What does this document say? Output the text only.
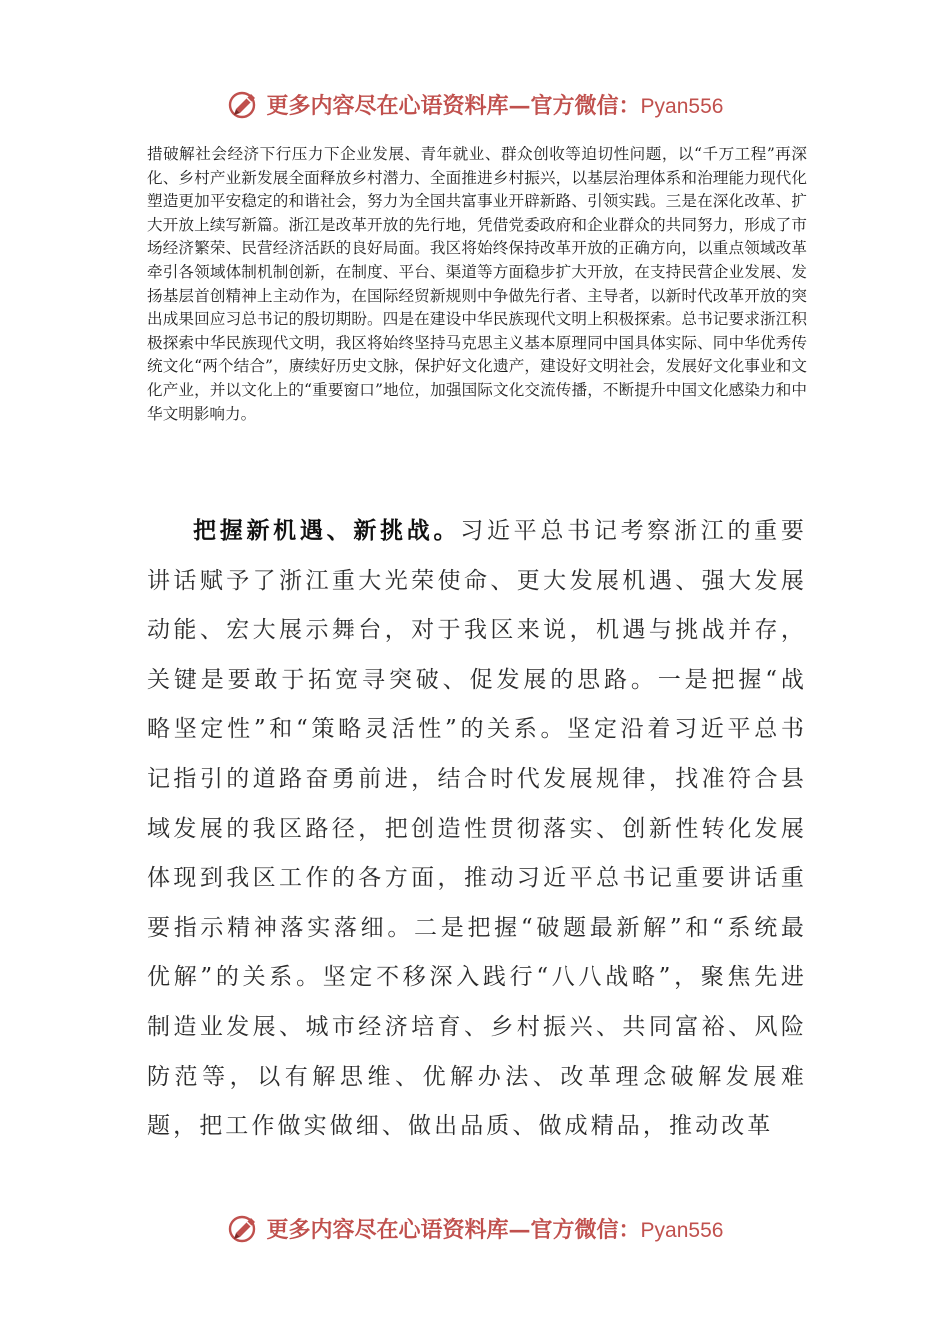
更多内容尽在心语资料库—官方微信：Pyan556

措破解社会经济下行压力下企业发展、青年就业、群众创收等迫切性问题，以“千万工程”再深化、乡村产业新发展全面释放乡村潜力、全面推进乡村振兴，以基层治理体系和治理能力现代化塑造更加平安稳定的和谐社会，努力为全国共富事业开辟新路、引领实践。三是在深化改革、扩大开放上续写新篇。浙江是改革开放的先行地，凭借党委政府和企业群众的共同努力，形成了市场经济繁荣、民营经济活跃的良好局面。我区将始终保持改革开放的正确方向，以重点领域改革牵引各领域体制机制创新，在制度、平台、渠道等方面稳步扩大开放，在支持民营企业发展、发扬基层首创精神上主动作为，在国际经贸新规则中争做先行者、主导者，以新时代改革开放的突出成果回应习总书记的殷切期盼。四是在建设中华民族现代文明上积极探索。总书记要求浙江积极探索中华民族现代文明，我区将始终坚持马克思主义基本原理同中国具体实际、同中华优秀传统文化“两个结合”，赓续好历史文脉，保护好文化遗产，建设好文明社会，发展好文化事业和文化产业，并以文化上的“重要窗口”地位，加强国际文化交流传播，不断提升中国文化感染力和中华文明影响力。

把握新机遇、新挑战。习近平总书记考察浙江的重要讲话赋予了浙江重大光荣使命、更大发展机遇、强大发展动能、宏大展示舞台，对于我区来说，机遇与挑战并存，关键是要敢于拓宽寻突破、促发展的思路。一是把握“战略坚定性”和“策略灵活性”的关系。坚定沿着习近平总书记指引的道路奋勇前进，结合时代发展规律，找准符合县域发展的我区路径，把创造性贯彻落实、创新性转化发展体现到我区工作的各方面，推动习近平总书记重要讲话重要指示精神落实落细。二是把握“破题最新解”和“系统最优解”的关系。坚定不移深入践行“八八战略”，聚焦先进制造业发展、城市经济培育、乡村振兴、共同富裕、风险防范等，以有解思维、优解办法、改革理念破解发展难题，把工作做实做细、做出品质、做成精品，推动改革

更多内容尽在心语资料库—官方微信：Pyan556
